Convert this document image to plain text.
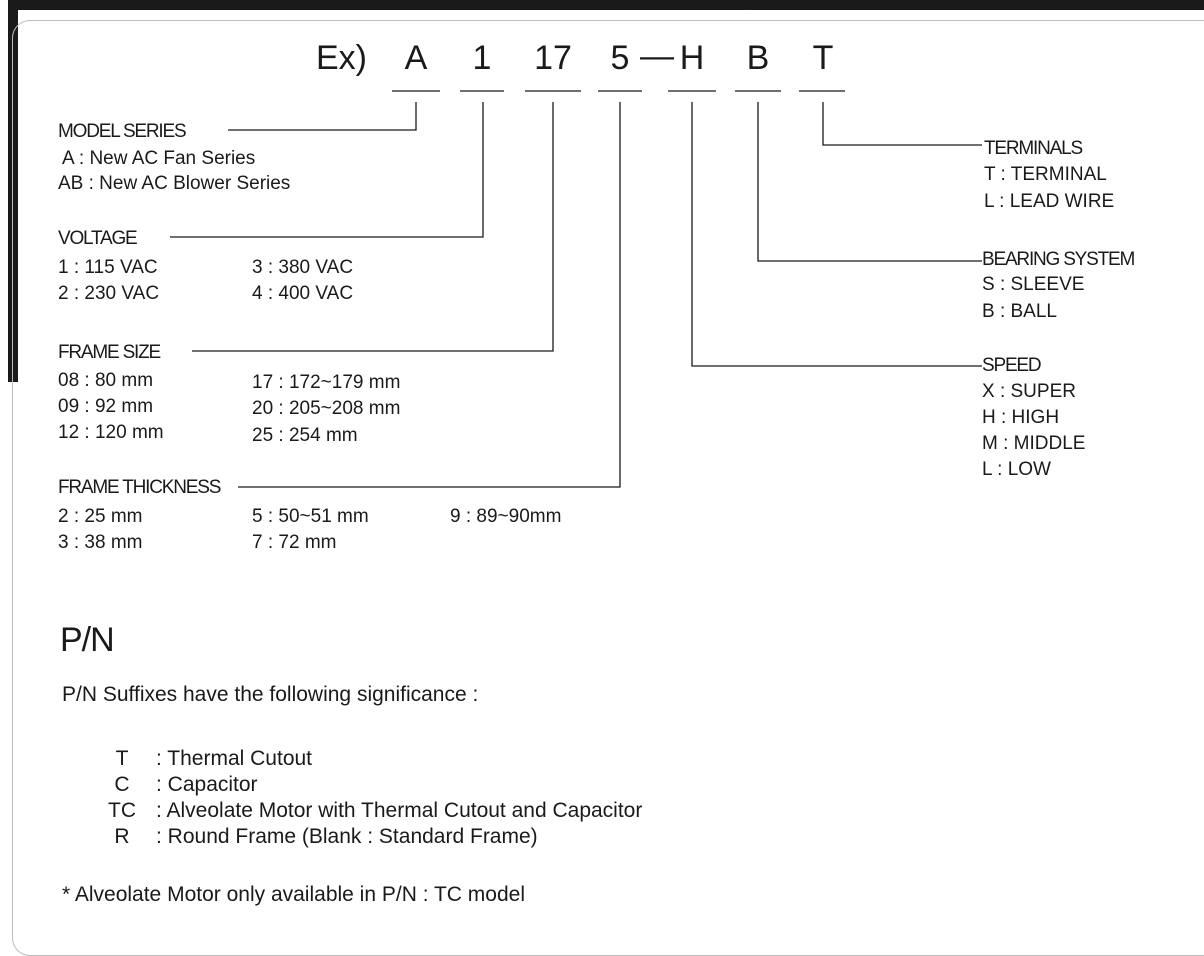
Ex) A 1 17 5 — H B T
MODEL SERIES
A : New AC Fan Series
AB : New AC Blower Series
VOLTAGE
1 : 115 VAC
2 : 230 VAC
3 : 380 VAC
4 : 400 VAC
FRAME SIZE
08 : 80 mm
09 : 92 mm
12 : 120 mm
17 : 172~179 mm
20 : 205~208 mm
25 : 254 mm
FRAME THICKNESS
2 : 25 mm
3 : 38 mm
5 : 50~51 mm
7 : 72 mm
9 : 89~90mm
TERMINALS
T : TERMINAL
L : LEAD WIRE
BEARING SYSTEM
S : SLEEVE
B : BALL
SPEED
X : SUPER
H : HIGH
M : MIDDLE
L : LOW
P/N
P/N Suffixes have the following significance :
T	: Thermal Cutout
C	: Capacitor
TC : Alveolate Motor with Thermal Cutout and Capacitor
R	: Round Frame (Blank : Standard Frame)
* Alveolate Motor only available in P/N : TC model
